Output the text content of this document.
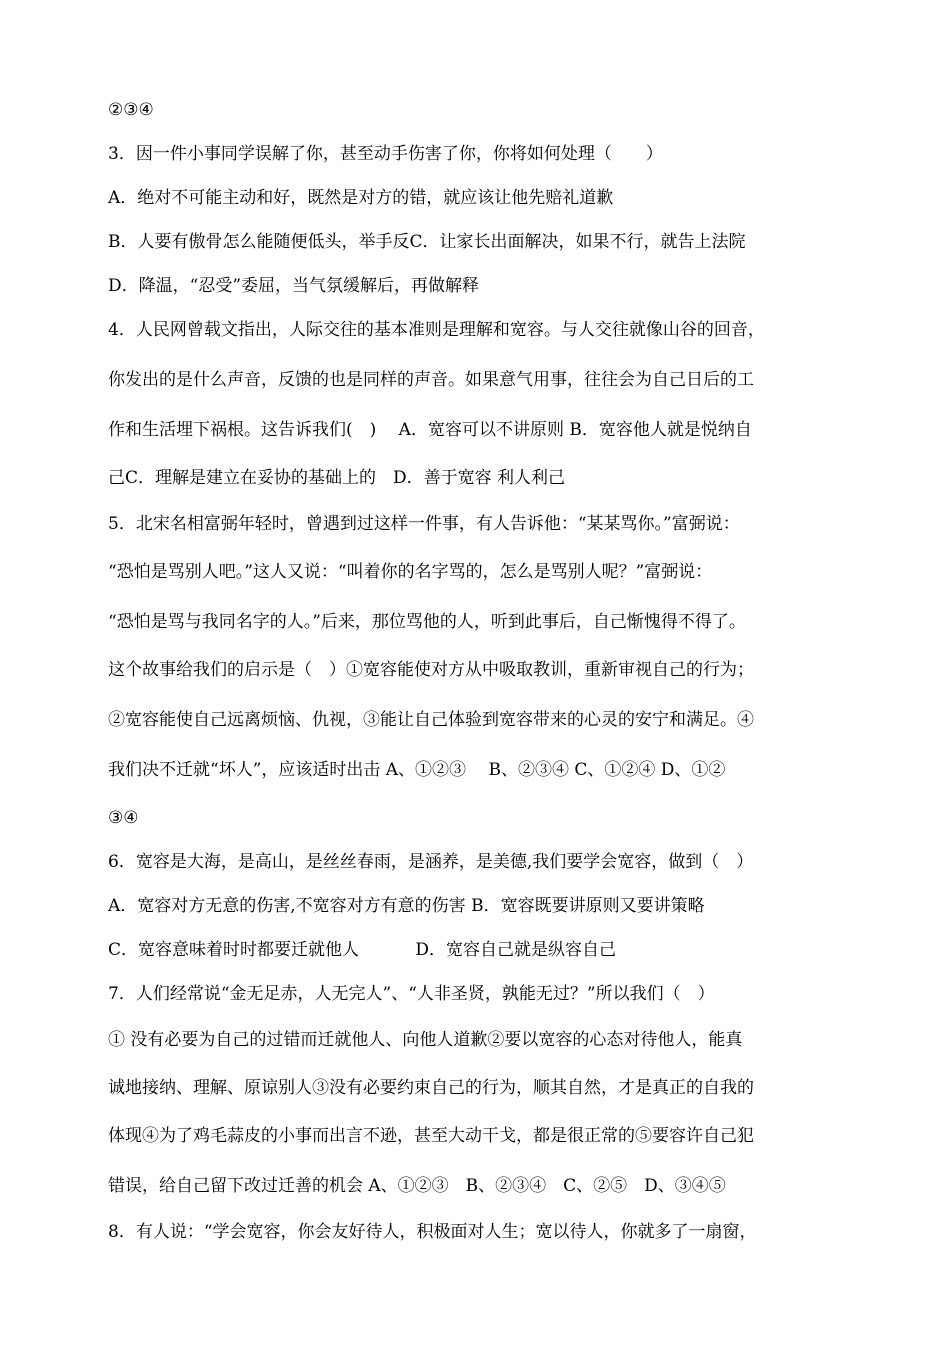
②③④
3．因一件小事同学误解了你，甚至动手伤害了你，你将如何处理（　　）
A．绝对不可能主动和好，既然是对方的错，就应该让他先赔礼道歉
B．人要有傲骨怎么能随便低头，举手反C．让家长出面解决，如果不行，就告上法院
D．降温，“忍受”委屈，当气氛缓解后，再做解释
4．人民网曾载文指出，人际交往的基本准则是理解和宽容。与人交往就像山谷的回音，
你发出的是什么声音，反馈的也是同样的声音。如果意气用事，往往会为自己日后的工
作和生活埋下祸根。这告诉我们(　)　 A．宽容可以不讲原则 B．宽容他人就是悦纳自
己C．理解是建立在妥协的基础上的　D．善于宽容 利人利己
5．北宋名相富弼年轻时，曾遇到过这样一件事，有人告诉他：“某某骂你。”富弼说：
“恐怕是骂别人吧。”这人又说：“叫着你的名字骂的，怎么是骂别人呢？”富弼说：
“恐怕是骂与我同名字的人。”后来，那位骂他的人，听到此事后，自己惭愧得不得了。
这个故事给我们的启示是（　）①宽容能使对方从中吸取教训，重新审视自己的行为；
②宽容能使自己远离烦恼、仇视，③能让自己体验到宽容带来的心灵的安宁和满足。④
我们决不迁就“坏人”，应该适时出击 A、①②③　 B、②③④ C、①②④ D、①②
③④
6．宽容是大海，是高山，是丝丝春雨，是涵养，是美德,我们要学会宽容，做到（　）
A．宽容对方无意的伤害,不宽容对方有意的伤害 B．宽容既要讲原则又要讲策略
C．宽容意味着时时都要迁就他人　　　 D．宽容自己就是纵容自己
7．人们经常说“金无足赤，人无完人”、“人非圣贤，孰能无过？”所以我们（　）
① 没有必要为自己的过错而迁就他人、向他人道歉②要以宽容的心态对待他人，能真
诚地接纳、理解、原谅别人③没有必要约束自己的行为，顺其自然，才是真正的自我的
体现④为了鸡毛蒜皮的小事而出言不逊，甚至大动干戈，都是很正常的⑤要容许自己犯
错误，给自己留下改过迁善的机会 A、①②③　B、②③④　C、②⑤　D、③④⑤
8．有人说：“学会宽容，你会友好待人，积极面对人生；宽以待人，你就多了一扇窗，
